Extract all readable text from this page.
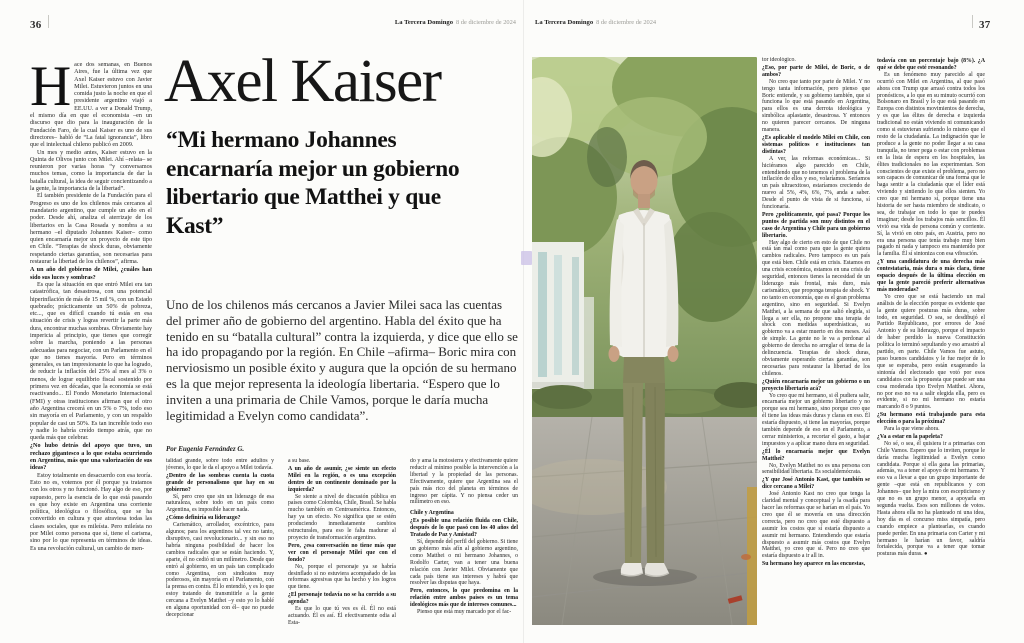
36	La Tercera Domingo 8 de diciembre de 2024	La Tercera Domingo 8 de diciembre de 2024	37

Hace dos semanas, en Buenos Aires, fue la última vez que Axel Kaiser estuvo con Javier Milei. Estuvieron juntos en una comida justo la noche en que el presidente argentino viajó a EE.UU. a ver a Donald Trump, el mismo día en que el economista –en un discurso que dio para la inauguración de la Fundación Faro, de la cual Kaiser es uno de sus directores– habló de “La fatal ignorancia”, libro que el intelectual chileno publicó en 2009.

Un mes y medio antes, Kaiser estuvo en la Quinta de Olivos junto con Milei. Ahí –relata– se reunieron por varias horas “y conversamos muchos temas, como la importancia de dar la batalla cultural, la idea de seguir concientizando a la gente, la importancia de la libertad”.

El también presidente de la Fundación para el Progreso es uno de los chilenos más cercanos al mandatario argentino, que cumple un año en el poder. Desde ahí, analiza el aterrizaje de los libertarios en la Casa Rosada y nombra a su hermano –el diputado Johannes Kaiser– como quien encarnaría mejor un proyecto de este tipo en Chile. “Terapias de shock duras, obviamente respetando ciertas garantías, son necesarias para restaurar la libertad de los chilenos”, afirma.

A un año del gobierno de Milei, ¿cuáles han sido sus luces y sombras?

Es que la situación en que entró Milei era tan catastrófica, tan desastrosa, con una potencial hiperinflación de más de 15 mil %, con un Estado quebrado; prácticamente un 50% de pobreza, etc..., que es difícil cuando tú estás en esa situación de crisis y logras revertir la parte más dura, encontrar muchas sombras. Obviamente hay impericia al principio, que tienes que corregir sobre la marcha, poniendo a las personas adecuadas para negociar, con un Parlamento en el que no tienes mayoría. Pero en términos generales, es tan impresionante lo que ha logrado, de reducir la inflación del 25% al mes al 3% o menos, de lograr equilibrio fiscal sostenido por primera vez en décadas, que la economía se está reactivando... El Fondo Monetario Internacional (FMI) y otras instituciones afirman que el otro año Argentina crecerá en un 5% o 7%, todo eso sin mayoría en el Parlamento, y con un respaldo popular de casi un 50%. Es tan increíble todo eso y nadie lo habría creído tiempo atrás, que no queda más que celebrar.

¿No hubo detrás del apoyo que tuvo, un rechazo gigantesco a lo que estaba ocurriendo en Argentina, más que una valorización de sus ideas?

Estoy totalmente en desacuerdo con esa teoría. Esto no es, votemos por él porque ya tratamos con los otros y no funcionó. Hay algo de eso, por supuesto, pero la esencia de lo que está pasando es que hoy existe en Argentina una corriente política, ideológica o filosófica, que se ha convertido en cultura y que atraviesa todas las clases sociales, que es mileísta. Pero mileísta no por Milei como persona que sí, tiene el carisma, sino por lo que representa en términos de ideas. Es una revolución cultural, un cambio de men-

Axel Kaiser
“Mi hermano Johannes encarnaría mejor un gobierno libertario que Matthei y que Kast”
Uno de los chilenos más cercanos a Javier Milei saca las cuentas del primer año de gobierno del argentino. Habla del éxito que ha tenido en su “batalla cultural” contra la izquierda, y dice que ello se ha ido propagando por la región. En Chile –afirma– Boric mira con nerviosismo un posible éxito y augura que la opción de su hermano es la que mejor representa la ideología libertaria. “Espero que lo inviten a una primaria de Chile Vamos, porque le daría mucha legitimidad a Evelyn como candidata”.
Por Eugenia Fernández G.

talidad grande, sobre todo entre adultos y jóvenes, lo que le da el apoyo a Milei todavía.

¿Dentro de las sombras cuenta la cuota grande de personalismo que hay en su gobierno?

Sí, pero creo que sin un liderazgo de esa naturaleza, sobre todo en un país como Argentina, es imposible hacer nada.

¿Cómo definiría su liderazgo?

Carismático, arrollador, excéntrico, para algunos; para los argentinos tal vez no tanto, disruptivo, casi revolucionario... y sin eso no habría ninguna posibilidad de hacer los cambios radicales que se están haciendo. Y, aparte, él no cedió ni un milímetro. Desde que entró al gobierno, en un país tan complicado como Argentina, con sindicatos muy poderosos, sin mayoría en el Parlamento, con la prensa en contra. Él lo entendió, y es lo que estoy tratando de transmitirle a la gente cercana a Evelyn Matthei –y esto yo lo hablé en alguna oportunidad con él– que no puede decepcionar

a su base.

A un año de asumir, ¿se siente un efecto Milei en la región, o es una excepción dentro de un continente dominado por la izquierda?

Se siente a nivel de discusión pública en países como Colombia, Chile, Brasil. Se habla mucho también en Centroamérica. Entonces, hay ya un efecto. No significa que se estén produciendo inmediatamente cambios estructurales, para eso le falta madurar al proyecto de transformación argentino.

Pero, ¿esa conversación no tiene más que ver con el personaje Milei que con el fondo?

No, porque el personaje ya se habría desinflado si no estuviera acompañado de las reformas agresivas que ha hecho y los logros que tiene.

¿El personaje todavía no se ha corrido a su agenda?

Es que lo que tú ves es él. Él no está actuando. Él es así. Él efectivamente odia al Esta-

do y ama la motosierra y efectivamente quiere reducir al mínimo posible la intervención a la libertad y la propiedad de las personas. Efectivamente, quiere que Argentina sea el país más rico del planeta en términos de ingreso per cápita. Y no piensa ceder un milímetro en eso.

Chile y Argentina

¿Es posible una relación fluida con Chile, después de lo que pasó con los 40 años del Tratado de Paz y Amistad?

Sí, depende del perfil del gobierno. Si tiene un gobierno más afín al gobierno argentino, como Matthei o mi hermano Johannes, o Rodolfo Carter, van a tener una buena relación con Javier Milei. Obviamente que cada país tiene sus intereses y habrá que resolver las disputas que haya.

Pero, entonces, lo que predomina en la relación entre ambos países es un tema ideológicos más que de intereses comunes...

Pienso que está muy marcado por el fac-

tor ideológico.

¿Eso, por parte de Milei, de Boric, o de ambos?

No creo que tanto por parte de Milei. Y no tengo tanta información, pero pienso que Boric entiende, y su gobierno también, que si funciona lo que está pasando en Argentina, para ellos es una derrota ideológica y simbólica aplastante, desastrosa. Y entonces no quieren parecer cercanos. De ninguna manera.

¿Es aplicable el modelo Milei en Chile, con sistemas políticos e instituciones tan distintas?

A ver, las reformas económicas... Si hiciéramos algo parecido en Chile, entendiendo que no tenemos el problema de la inflación de ellos y eso, volaríamos. Seríamos un país ultraexitoso, estaríamos creciendo de nuevo al 5%, 4%, 6%, 7%, anda a saber. Desde el punto de vista de si funciona, sí funcionaría.

Pero ¿políticamente, qué pasa? Porque los puntos de partida son muy distintos en el caso de Argentina y Chile para un gobierno libertario.

Hay algo de cierto en esto de que Chile no está tan mal como para que la gente quiera cambios radicales. Pero tampoco es un país que está bien. Chile está en crisis. Estamos en una crisis económica, estamos en una crisis de seguridad, entonces tienes la necesidad de un liderazgo más frontal, más duro, más carismático, que proponga terapia de shock. Y no tanto en economía, que es el gran problema argentino, sino en seguridad. Si Evelyn Matthei, a la semana de que salió elegida, si llega a ser ella, no propone una terapia de shock con medidas superdrásticas, su gobierno va a estar muerto en dos meses. Así de simple. La gente no le va a perdonar al gobierno de derecha no arreglar el tema de la delincuencia. Terapias de shock duras, obviamente esperando ciertas garantías, son necesarias para restaurar la libertad de los chilenos.

¿Quién encarnaría mejor un gobierno o un proyecto libertario acá?

Yo creo que mi hermano, si él pudiera salir, encarnaría mejor un gobierno libertario y no porque sea mi hermano, sino porque creo que él tiene las ideas más duras y claras en eso. Él estaría dispuesto, si tiene las mayorías, porque también depende de eso en el Parlamento, a cerrar ministerios, a recortar el gasto, a bajar impuestos y a aplicar mano dura en seguridad.

¿Él lo encarnaría mejor que Evelyn Matthei?

No, Evelyn Matthei no es una persona con sensibilidad libertaria. Es socialdemócrata.

¿Y que José Antonio Kast, que también se dice cercano a Milei?

José Antonio Kast no creo que tenga la claridad mental y conceptual y la osadía para hacer las reformas que se harían en el país. Yo creo que él se movería en una dirección correcta, pero no creo que esté dispuesto a asumir los costos que sí estaría dispuesto a asumir mi hermano. Entendiendo que estaría dispuesto a asumir más costos que Evelyn Matthei, yo creo que sí. Pero no creo que estaría dispuesto a ir all in.

Su hermano hoy aparece en las encuestas,

todavía con un porcentaje bajo (8%). ¿A qué se debe que esté resonando?

Es un fenómeno muy parecido al que ocurrió con Milei en Argentina, al que pasó ahora con Trump que arrasó contra todos los pronósticos, a lo que en su minuto ocurrió con Bolsonaro en Brasil y lo que está pasando en Europa con distintos movimientos de derecha, y es que las élites de derecha e izquierda tradicional no están viviendo ni comunicando como si estuvieran sufriendo lo mismo que el resto de la ciudadanía. La indignación que le produce a la gente no poder llegar a su casa tranquila, no tener pega o estar con problemas en la lista de espera en los hospitales, las élites tradicionales no las experimentan. Son conscientes de que existe el problema, pero no son capaces de comunicar de una forma que le haga sentir a la ciudadanía que el líder está viviendo y sintiendo lo que ellos sienten. Yo creo que mi hermano sí, porque tiene una historia de ser hasta miembro de sindicato, o sea, de trabajar en todo lo que te puedes imaginar; desde los trabajos más sencillos. Él vivió esa vida de persona común y corriente. Sí, la vivió en otro país, en Austria, pero no era una persona que tenía trabajo muy bien pagado ni nada y tampoco era mantenido por la familia. Él sí sintoniza con esa vibración.

¿Y una candidatura de una derecha más contestataria, más dura o más clara, tiene espacio después de la última elección en que la gente pareció preferir alternativas más moderadas?

Yo creo que se está haciendo un mal análisis de la elección porque es evidente que la gente quiere posturas más duras, sobre todo, en seguridad. O sea, se desdibujó el Partido Republicano, por errores de José Antonio y de su liderazgo, porque el impacto de haber perdido la nueva Constitución política lo terminó sepultando y eso arrastró al partido, en parte. Chile Vamos fue astuto, puso buenos candidatos y le fue mejor de lo que se esperaba, pero están exagerando la sintonía del electorado que votó por esos candidatos con la propuesta que puede ser una cosa moderada tipo Evelyn Matthei. Ahora, no por eso no va a salir elegida ella, pero es evidente, si no mi hermano no estaría marcando 8 o 9 puntos.

¿Su hermano está trabajando para esta elección o para la próxima?

Para la que viene ahora.

¿Va a estar en la papeleta?

No sé, o sea, él quisiera ir a primarias con Chile Vamos. Espero que lo inviten, porque le daría mucha legitimidad a Evelyn como candidata. Porque si ella gana las primarias, además, va a tener el apoyo de mi hermano. Y eso va a llevar a que un grupo importante de gente –que está en republicanos y con Johannes– que hoy la mira con escepticismo y que no es un grupo menor, a apoyarla en segunda vuelta. Esos son millones de votos. Hasta ahora ella no ha planteado ni una idea, hoy día es el concurso miss simpatía, pero cuando empiece a plantearlas, es cuando puede perder. En una primaria con Carter y mi hermano le harían un favor, saldría fortalecida, porque va a tener que tomar posturas más duras. ●
